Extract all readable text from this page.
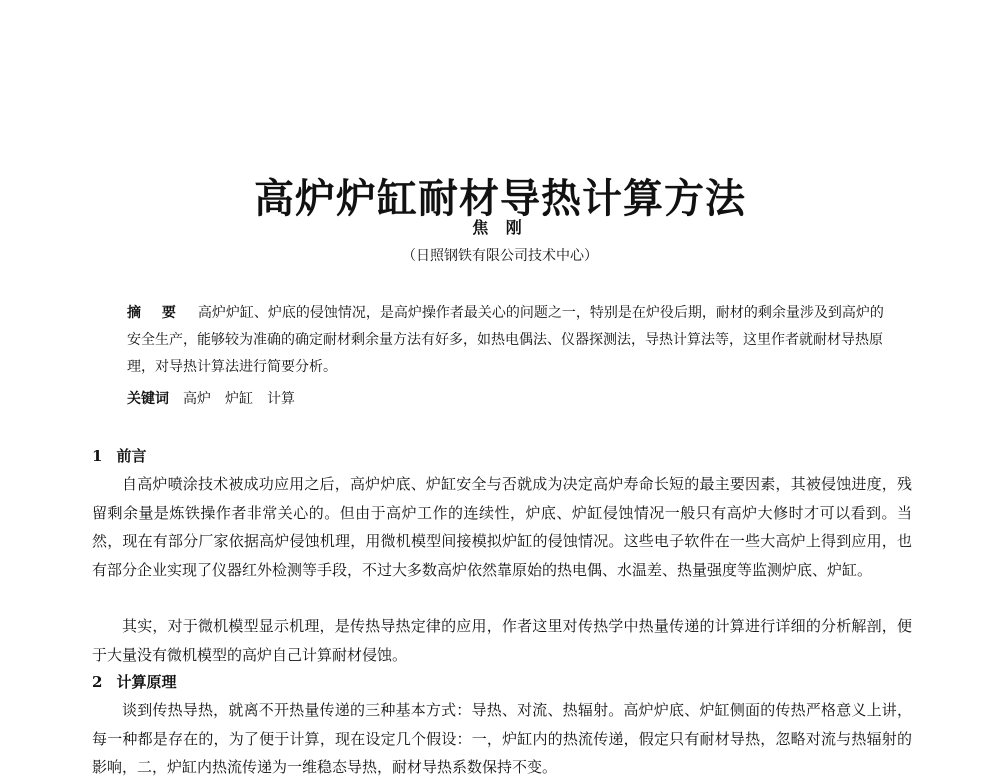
高炉炉缸耐材导热计算方法
焦 刚
（日照钢铁有限公司技术中心）

摘 要 高炉炉缸、炉底的侵蚀情况，是高炉操作者最关心的问题之一，特别是在炉役后期，耐材的剩余量涉及到高炉的安全生产，能够较为准确的确定耐材剩余量方法有好多，如热电偶法、仪器探测法，导热计算法等，这里作者就耐材导热原理，对导热计算法进行简要分析。

关键词 高炉 炉缸 计算

1 前言

自高炉喷涂技术被成功应用之后，高炉炉底、炉缸安全与否就成为决定高炉寿命长短的最主要因素，其被侵蚀进度，残留剩余量是炼铁操作者非常关心的。但由于高炉工作的连续性，炉底、炉缸侵蚀情况一般只有高炉大修时才可以看到。当然，现在有部分厂家依据高炉侵蚀机理，用微机模型间接模拟炉缸的侵蚀情况。这些电子软件在一些大高炉上得到应用，也有部分企业实现了仪器红外检测等手段，不过大多数高炉依然靠原始的热电偶、水温差、热量强度等监测炉底、炉缸。

其实，对于微机模型显示机理，是传热导热定律的应用，作者这里对传热学中热量传递的计算进行详细的分析解剖，便于大量没有微机模型的高炉自己计算耐材侵蚀。

2 计算原理

谈到传热导热，就离不开热量传递的三种基本方式：导热、对流、热辐射。高炉炉底、炉缸侧面的传热严格意义上讲，每一种都是存在的，为了便于计算，现在设定几个假设：一，炉缸内的热流传递，假定只有耐材导热，忽略对流与热辐射的影响，二，炉缸内热流传递为一维稳态导热，耐材导热系数保持不变。
